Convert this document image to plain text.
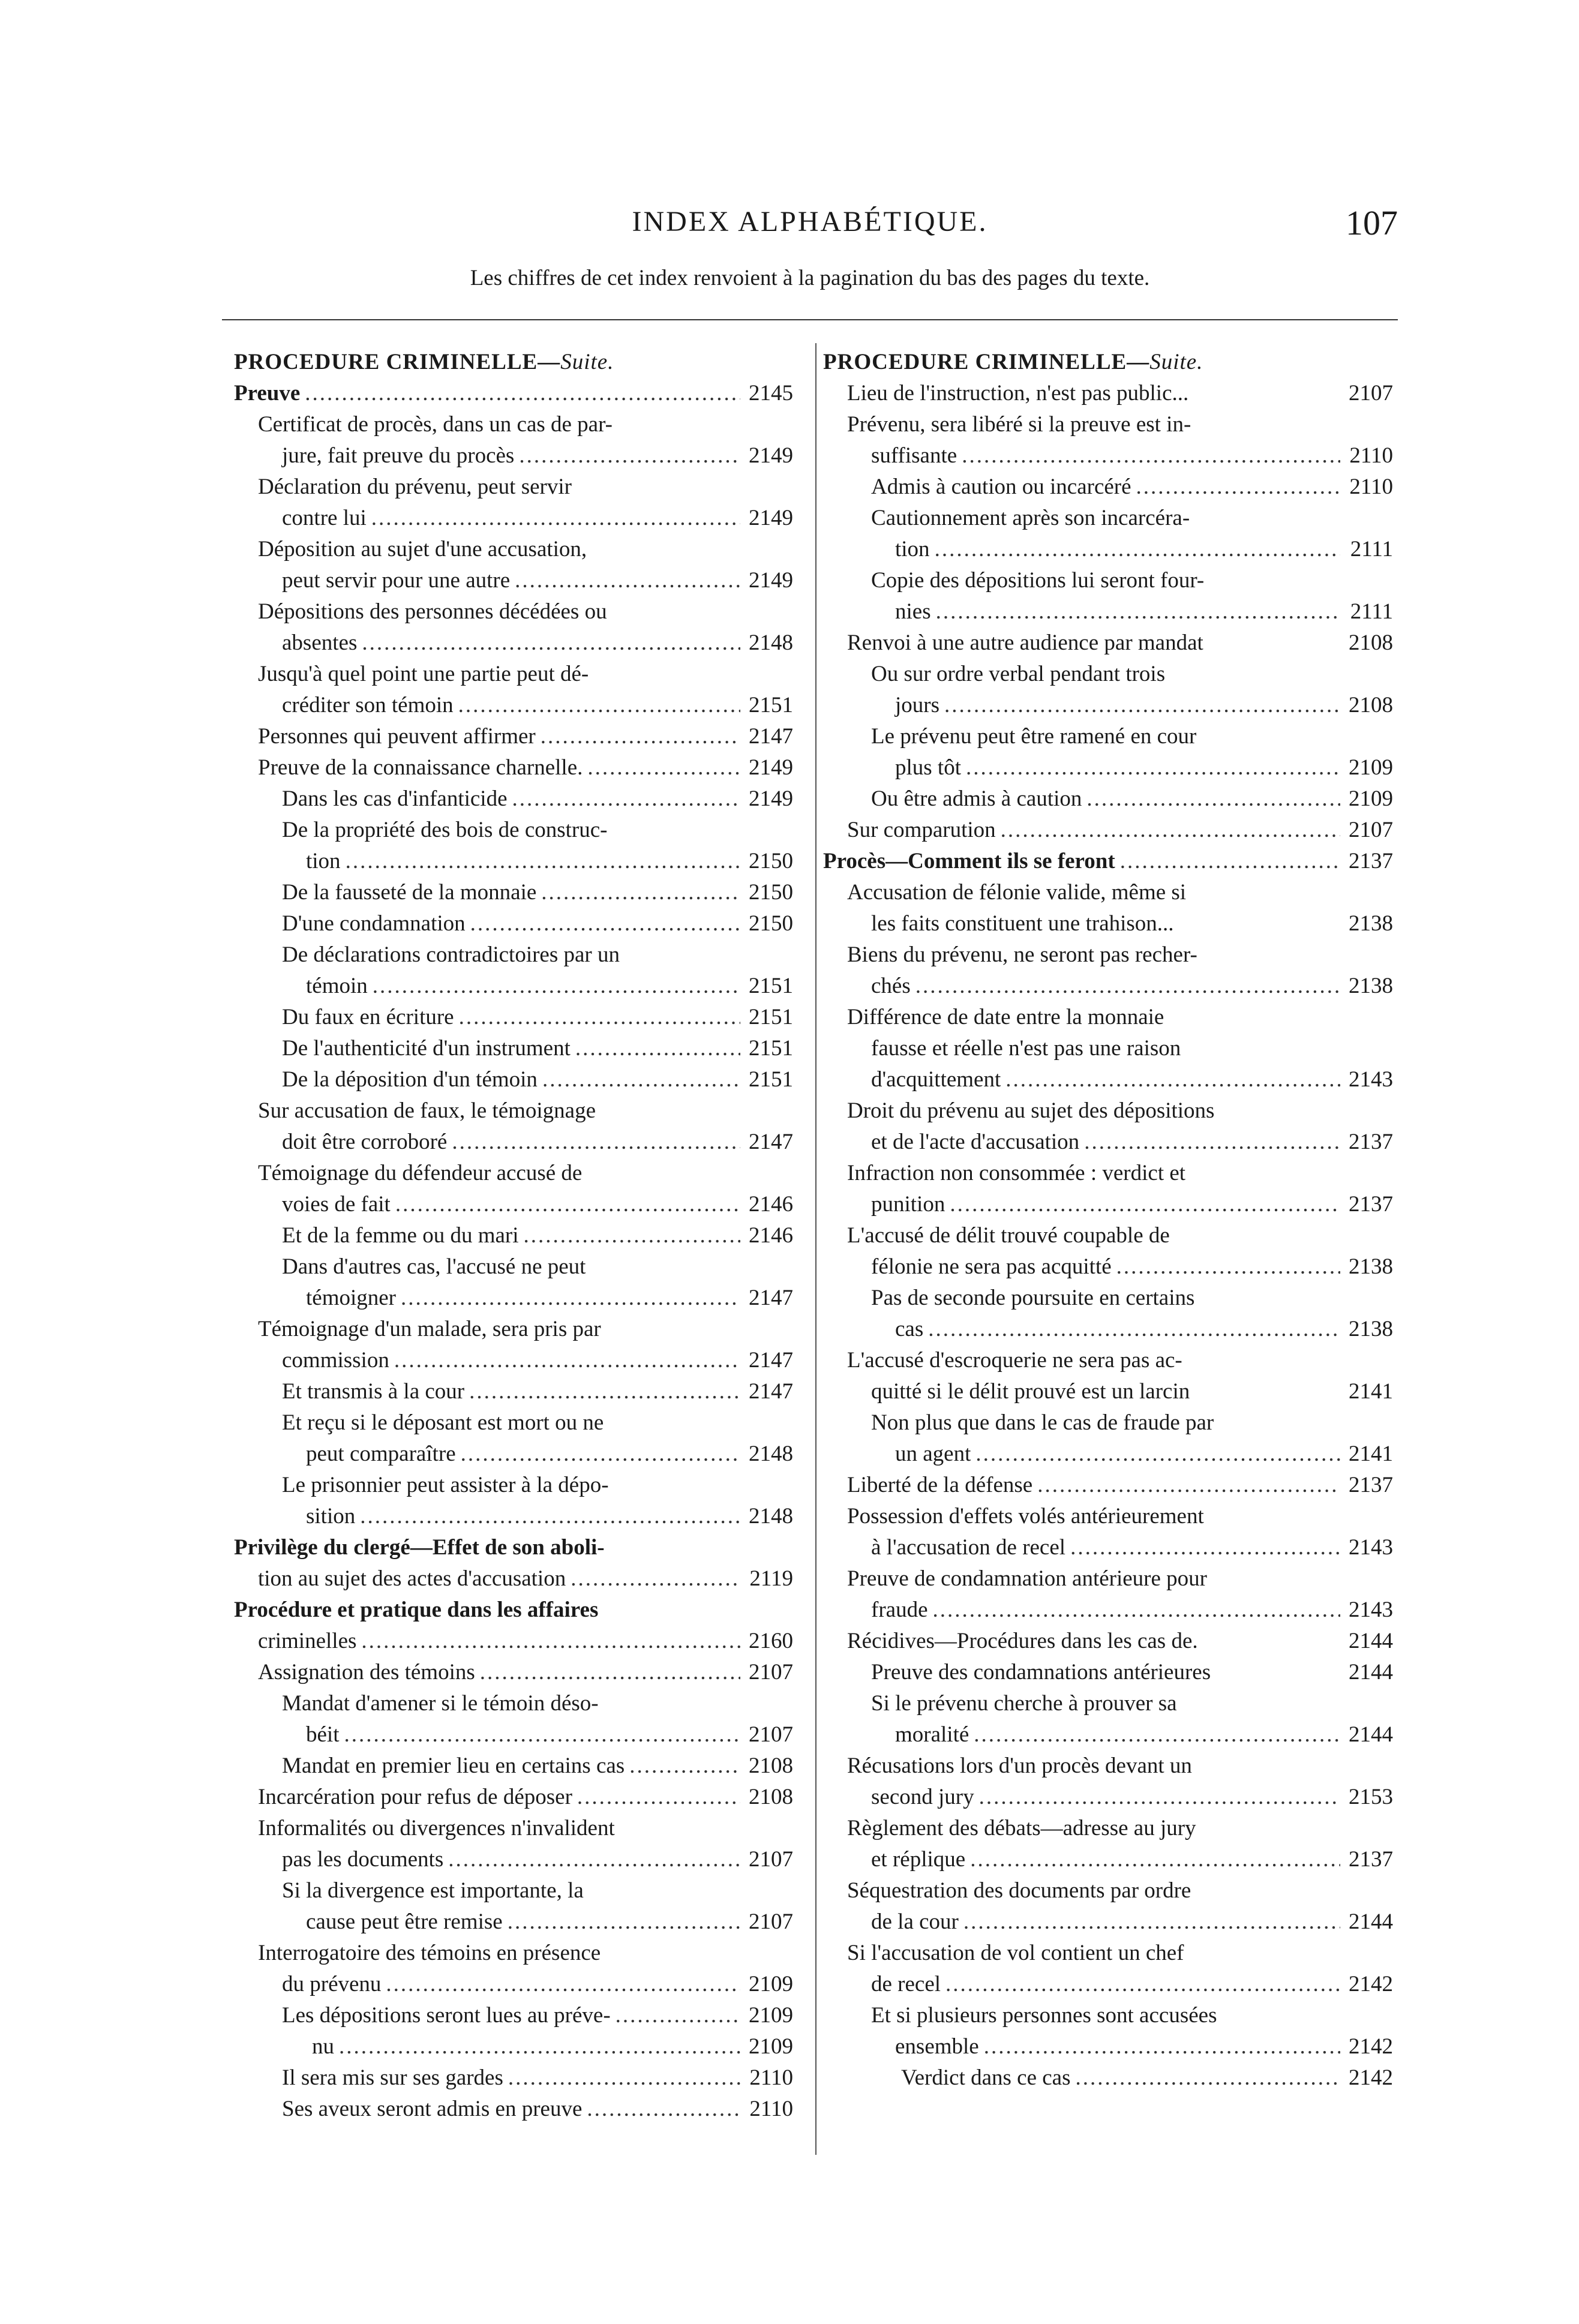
INDEX ALPHABÉTIQUE.	107
Les chiffres de cet index renvoient à la pagination du bas des pages du texte.
PROCEDURE CRIMINELLE—Suite.
Preuve .....	2145
Certificat de procès, dans un cas de par-
jure, fait preuve du procès .....	2149
Déclaration du prévenu, peut servir
contre lui .....	2149
Déposition au sujet d'une accusation,
peut servir pour une autre .....	2149
Dépositions des personnes décédées ou
absentes .....	2148
Jusqu'à quel point une partie peut dé-
créditer son témoin .....	2151
Personnes qui peuvent affirmer .....	2147
Preuve de la connaissance charnelle. .....	2149
Dans les cas d'infanticide .....	2149
De la propriété des bois de construc-
tion .....	2150
De la fausseté de la monnaie .....	2150
D'une condamnation .....	2150
De déclarations contradictoires par un
témoin .....	2151
Du faux en écriture .....	2151
De l'authenticité d'un instrument .....	2151
De la déposition d'un témoin .....	2151
Sur accusation de faux, le témoignage
doit être corroboré .....	2147
Témoignage du défendeur accusé de
voies de fait .....	2146
Et de la femme ou du mari .....	2146
Dans d'autres cas, l'accusé ne peut
témoigner .....	2147
Témoignage d'un malade, sera pris par
commission .....	2147
Et transmis à la cour .....	2147
Et reçu si le déposant est mort ou ne
peut comparaître .....	2148
Le prisonnier peut assister à la dépo-
sition .....	2148
Privilège du clergé—Effet de son aboli-
tion au sujet des actes d'accusation .....	2119
Procédure et pratique dans les affaires
criminelles .....	2160
Assignation des témoins .....	2107
Mandat d'amener si le témoin déso-
béit .....	2107
Mandat en premier lieu en certains cas .....	2108
Incarcération pour refus de déposer .....	2108
Informalités ou divergences n'invalident
pas les documents .....	2107
Si la divergence est importante, la
cause peut être remise .....	2107
Interrogatoire des témoins en présence
du prévenu .....	2109
Les dépositions seront lues au préve- .....	2109
nu .....	2109
Il sera mis sur ses gardes .....	2110
Ses aveux seront admis en preuve .....	2110
PROCEDURE CRIMINELLE—Suite.
Lieu de l'instruction, n'est pas public...	2107
Prévenu, sera libéré si la preuve est in-
suffisante .....	2110
Admis à caution ou incarcéré .....	2110
Cautionnement après son incarcéra-
tion .....	2111
Copie des dépositions lui seront four-
nies .....	2111
Renvoi à une autre audience par mandat	2108
Ou sur ordre verbal pendant trois
jours .....	2108
Le prévenu peut être ramené en cour
plus tôt .....	2109
Ou être admis à caution .....	2109
Sur comparution .....	2107
Procès—Comment ils se feront .....	2137
Accusation de félonie valide, même si
les faits constituent une trahison...	2138
Biens du prévenu, ne seront pas recher-
chés .....	2138
Différence de date entre la monnaie
fausse et réelle n'est pas une raison
d'acquittement .....	2143
Droit du prévenu au sujet des dépositions
et de l'acte d'accusation .....	2137
Infraction non consommée : verdict et
punition .....	2137
L'accusé de délit trouvé coupable de
félonie ne sera pas acquitté .....	2138
Pas de seconde poursuite en certains
cas .....	2138
L'accusé d'escroquerie ne sera pas ac-
quitté si le délit prouvé est un larcin	2141
Non plus que dans le cas de fraude par
un agent .....	2141
Liberté de la défense .....	2137
Possession d'effets volés antérieurement
à l'accusation de recel .....	2143
Preuve de condamnation antérieure pour
fraude .....	2143
Récidives—Procédures dans les cas de.	2144
Preuve des condamnations antérieures	2144
Si le prévenu cherche à prouver sa
moralité .....	2144
Récusations lors d'un procès devant un
second jury .....	2153
Règlement des débats—adresse au jury
et réplique .....	2137
Séquestration des documents par ordre
de la cour .....	2144
Si l'accusation de vol contient un chef
de recel .....	2142
Et si plusieurs personnes sont accusées
ensemble .....	2142
Verdict dans ce cas .....	2142
